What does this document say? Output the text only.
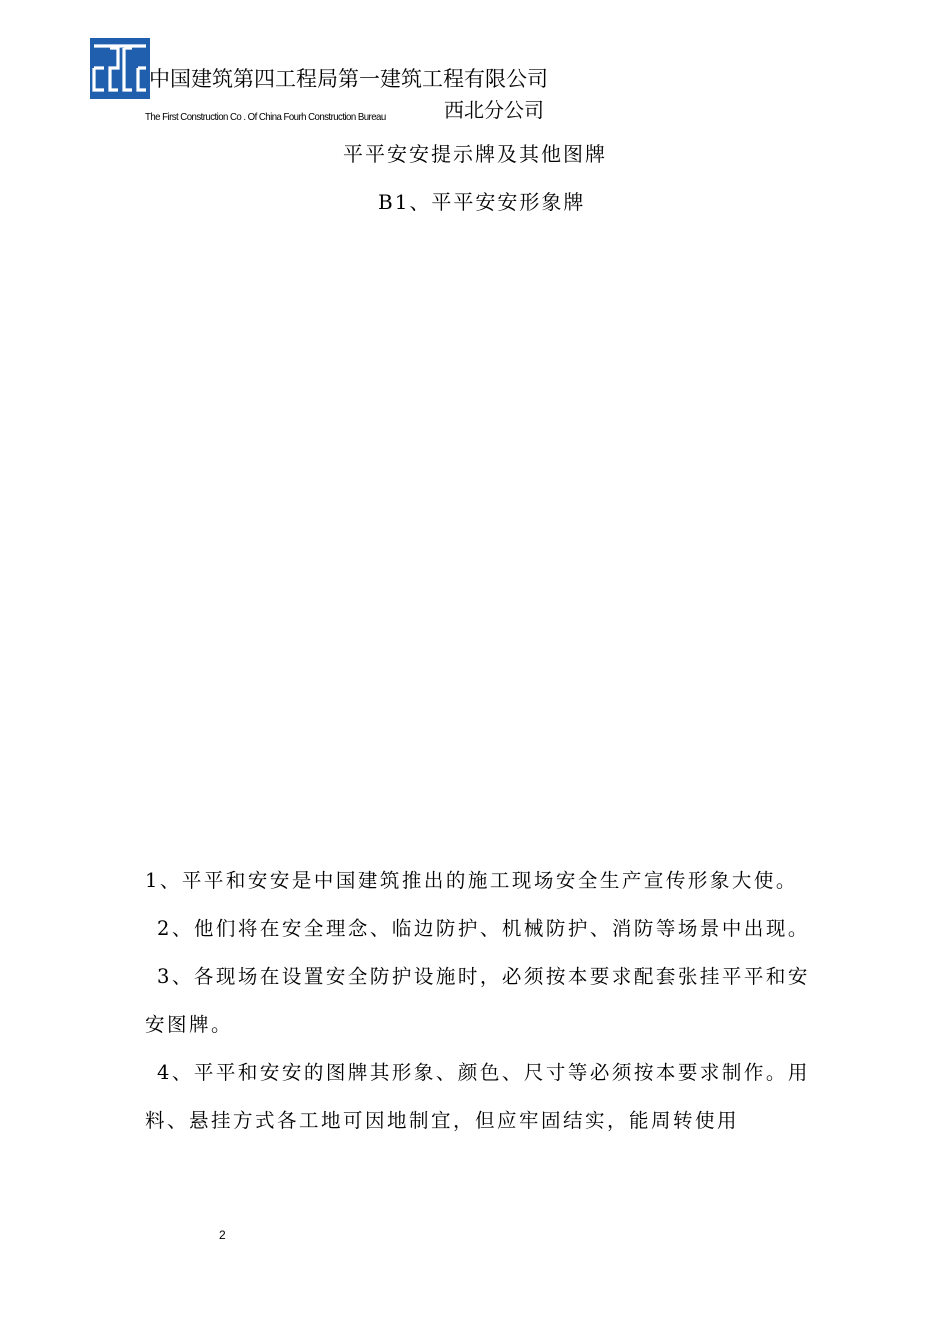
中国建筑第四工程局第一建筑工程有限公司
The First Construction Co . Of China Fourh Construction Bureau	西北分公司
平平安安提示牌及其他图牌
B1、平平安安形象牌

1、平平和安安是中国建筑推出的施工现场安全生产宣传形象大使。

2、他们将在安全理念、临边防护、机械防护、消防等场景中出现。

3、各现场在设置安全防护设施时，必须按本要求配套张挂平平和安

安图牌。

4、平平和安安的图牌其形象、颜色、尺寸等必须按本要求制作。用

料、悬挂方式各工地可因地制宜，但应牢固结实，能周转使用

2
